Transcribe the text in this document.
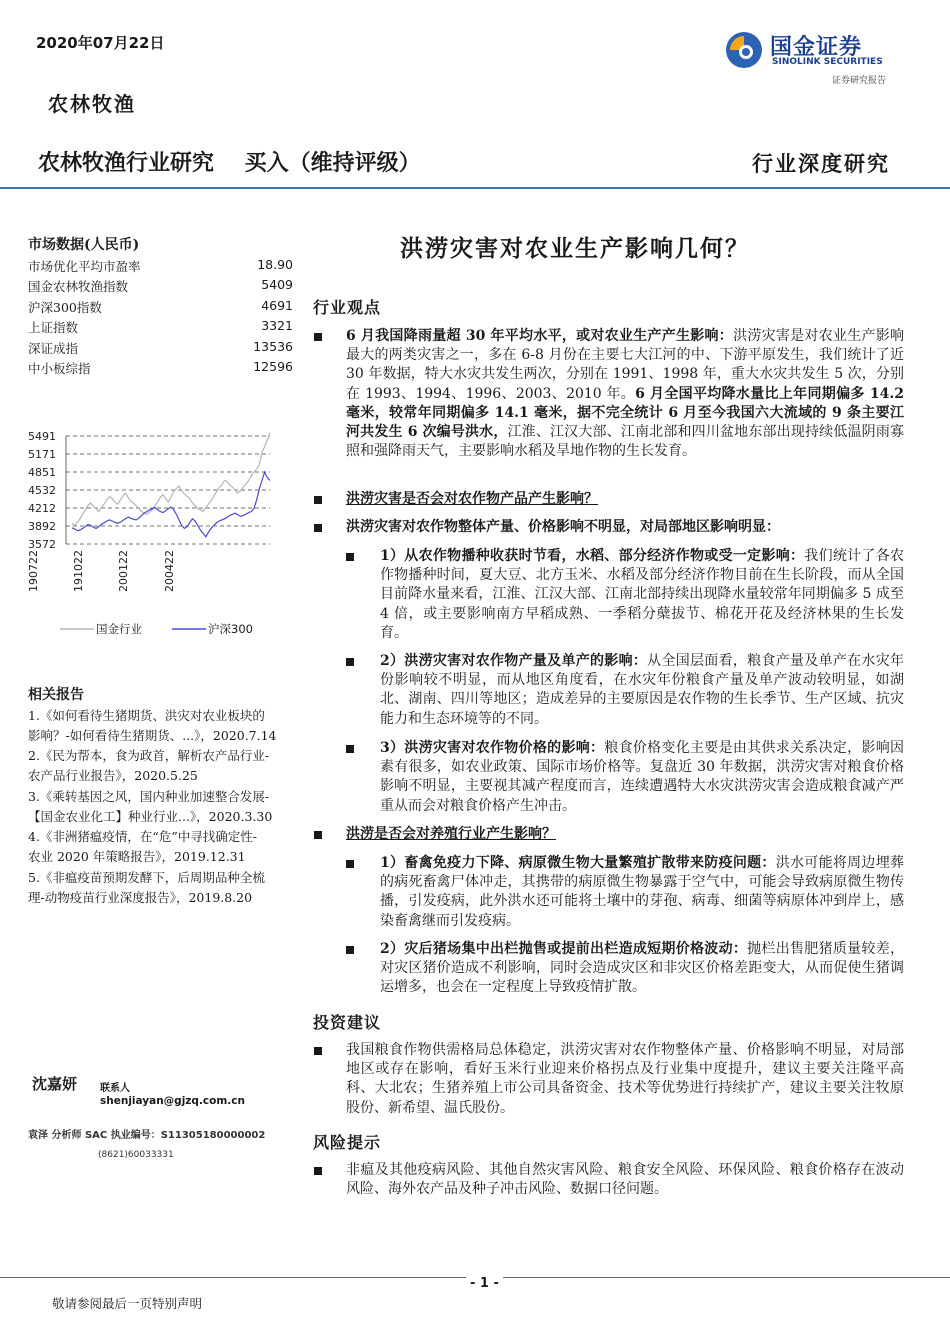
2020年07月22日	国金证券
SINOLINK SECURITIES
证券研究报告
农林牧渔
农林牧渔行业研究    买入（维持评级）	行业深度研究
市场数据(人民币)
市场优化平均市盈率	18.90
国金农林牧渔指数	5409
沪深300指数	4691
上证指数	3321
深证成指	13536
中小板综指	12596
5491
5171
4851
4532
4212
3892
3572
190722	191022	200122	200422
国金行业	沪深300
相关报告
1.《如何看待生猪期货、洪灾对农业板块的
影响？-如何看待生猪期货、...》，2020.7.14
2.《民为帮本，食为政首，解析农产品行业-
农产品行业报告》，2020.5.25
3.《乘转基因之风，国内种业加速整合发展-
【国金农业化工】种业行业...》，2020.3.30
4.《非洲猪瘟疫情，在“危”中寻找确定性-
农业 2020 年策略报告》，2019.12.31
5.《非瘟疫苗预期发酵下，后周期品种全梳
理-动物疫苗行业深度报告》，2019.8.20
沈嘉妍 联系人
shenjiayan@gjzq.com.cn
袁泽 分析师 SAC 执业编号：S11305180000002
(8621)60033331
洪涝灾害对农业生产影响几何？
行业观点
6 月我国降雨量超 30 年平均水平，或对农业生产产生影响：洪涝灾害是对农业生产影响最大的两类灾害之一，多在 6-8 月份在主要七大江河的中、下游平原发生，我们统计了近 30 年数据，特大水灾共发生两次，分别在 1991、1998 年，重大水灾共发生 5 次，分别在 1993、1994、1996、2003、2010 年。6 月全国平均降水量比上年同期偏多 14.2 毫米，较常年同期偏多 14.1 毫米，据不完全统计 6 月至今我国六大流域的 9 条主要江河共发生 6 次编号洪水，江淮、江汉大部、江南北部和四川盆地东部出现持续低温阴雨寡照和强降雨天气，主要影响水稻及旱地作物的生长发育。
洪涝灾害是否会对农作物产品产生影响？
洪涝灾害对农作物整体产量、价格影响不明显，对局部地区影响明显：
1）从农作物播种收获时节看，水稻、部分经济作物或受一定影响：我们统计了各农作物播种时间，夏大豆、北方玉米、水稻及部分经济作物目前在生长阶段，而从全国目前降水量来看，江淮、江汉大部、江南北部持续出现降水量较常年同期偏多 5 成至 4 倍，或主要影响南方早稻成熟、一季稻分蘖拔节、棉花开花及经济林果的生长发育。
2）洪涝灾害对农作物产量及单产的影响：从全国层面看，粮食产量及单产在水灾年份影响较不明显，而从地区角度看，在水灾年份粮食产量及单产波动较明显，如湖北、湖南、四川等地区；造成差异的主要原因是农作物的生长季节、生产区域、抗灾能力和生态环境等的不同。
3）洪涝灾害对农作物价格的影响：粮食价格变化主要是由其供求关系决定，影响因素有很多，如农业政策、国际市场价格等。复盘近 30 年数据，洪涝灾害对粮食价格影响不明显，主要视其减产程度而言，连续遭遇特大水灾洪涝灾害会造成粮食减产严重从而会对粮食价格产生冲击。
洪涝是否会对养殖行业产生影响？
1）畜禽免疫力下降、病原微生物大量繁殖扩散带来防疫问题：洪水可能将周边埋葬的病死畜禽尸体冲走，其携带的病原微生物暴露于空气中，可能会导致病原微生物传播，引发疫病，此外洪水还可能将土壤中的芽孢、病毒、细菌等病原体冲到岸上，感染畜禽继而引发疫病。
2）灾后猪场集中出栏抛售或提前出栏造成短期价格波动：抛栏出售肥猪质量较差，对灾区猪价造成不利影响，同时会造成灾区和非灾区价格差距变大，从而促使生猪调运增多，也会在一定程度上导致疫情扩散。
投资建议
我国粮食作物供需格局总体稳定，洪涝灾害对农作物整体产量、价格影响不明显，对局部地区或存在影响，看好玉米行业迎来价格拐点及行业集中度提升，建议主要关注隆平高科、大北农；生猪养殖上市公司具备资金、技术等优势进行持续扩产，建议主要关注牧原股份、新希望、温氏股份。
风险提示
非瘟及其他疫病风险、其他自然灾害风险、粮食安全风险、环保风险、粮食价格存在波动风险、海外农产品及种子冲击风险、数据口径问题。
- 1 -
敬请参阅最后一页特别声明
